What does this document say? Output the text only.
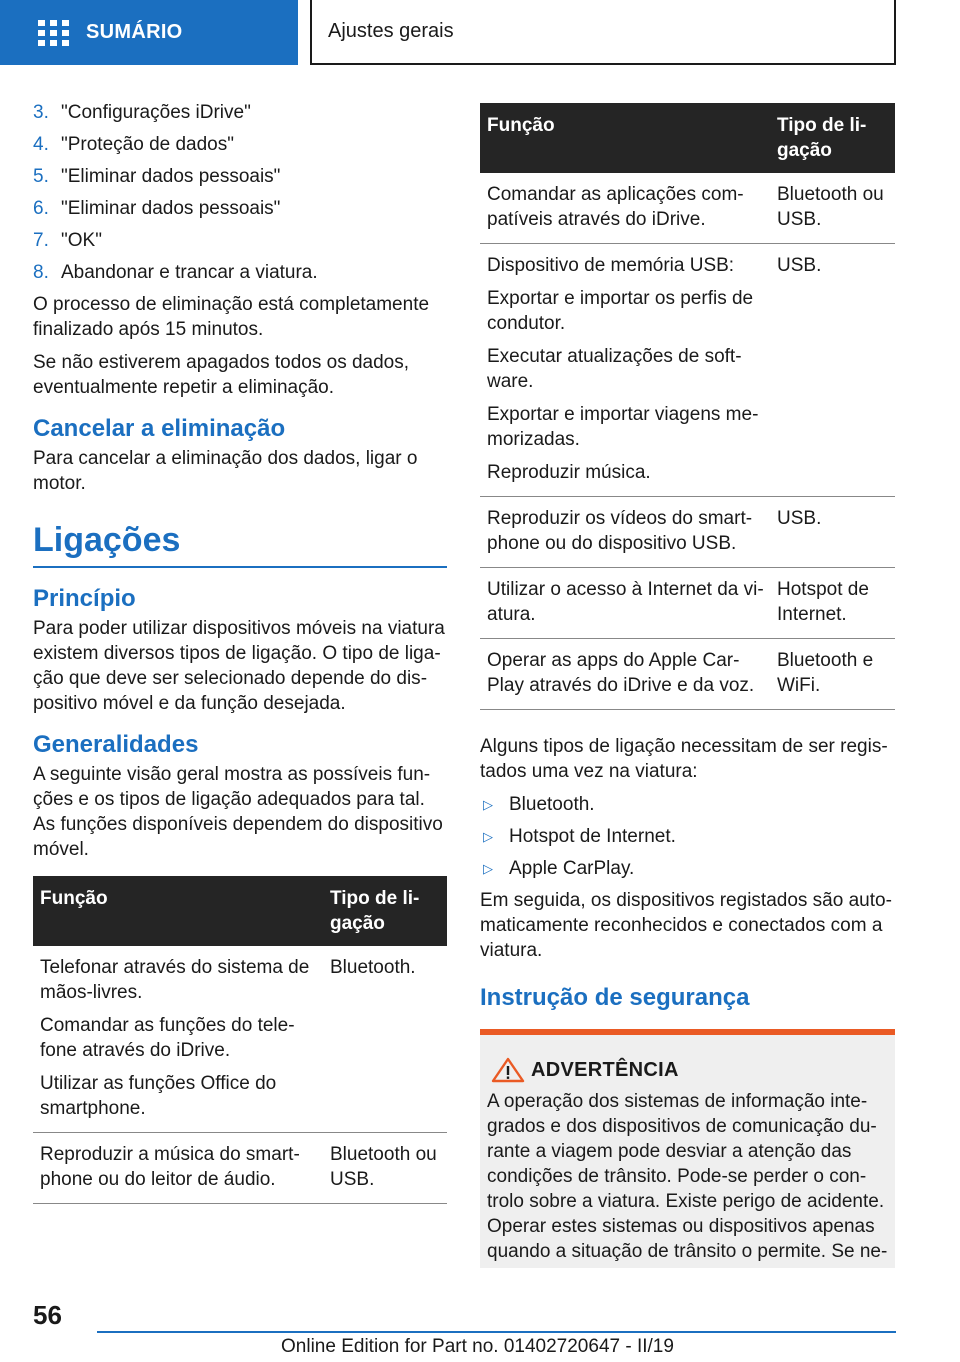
SUMÁRIO	Ajustes gerais
3. "Configurações iDrive"
4. "Proteção de dados"
5. "Eliminar dados pessoais"
6. "Eliminar dados pessoais"
7. "OK"
8. Abandonar e trancar a viatura.
O processo de eliminação está completamente finalizado após 15 minutos.
Se não estiverem apagados todos os dados, eventualmente repetir a eliminação.
Cancelar a eliminação
Para cancelar a eliminação dos dados, ligar o motor.
Ligações
Princípio
Para poder utilizar dispositivos móveis na viatura existem diversos tipos de ligação. O tipo de ligação que deve ser selecionado depende do dispositivo móvel e da função desejada.
Generalidades
A seguinte visão geral mostra as possíveis funções e os tipos de ligação adequados para tal. As funções disponíveis dependem do dispositivo móvel.
Função	Tipo de ligação

Telefonar através do sistema de mãos-livres.
Comandar as funções do telefone através do iDrive.
Utilizar as funções Office do smartphone.	Bluetooth.

Reproduzir a música do smartphone ou do leitor de áudio.	Bluetooth ou USB.
Função	Tipo de ligação

Comandar as aplicações compatíveis através do iDrive.	Bluetooth ou USB.

Dispositivo de memória USB:
Exportar e importar os perfis de condutor.
Executar atualizações de software.
Exportar e importar viagens memorizadas.
Reproduzir música.	USB.

Reproduzir os vídeos do smartphone ou do dispositivo USB.	USB.

Utilizar o acesso à Internet da viatura.	Hotspot de Internet.

Operar as apps do Apple CarPlay através do iDrive e da voz.	Bluetooth e WiFi.
Alguns tipos de ligação necessitam de ser registados uma vez na viatura:
▷ Bluetooth.
▷ Hotspot de Internet.
▷ Apple CarPlay.
Em seguida, os dispositivos registados são automaticamente reconhecidos e conectados com a viatura.
Instrução de segurança
ADVERTÊNCIA
A operação dos sistemas de informação integrados e dos dispositivos de comunicação durante a viagem pode desviar a atenção das condições de trânsito. Pode-se perder o controlo sobre a viatura. Existe perigo de acidente. Operar estes sistemas ou dispositivos apenas quando a situação de trânsito o permite. Se ne-
56
Online Edition for Part no. 01402720647 - II/19
